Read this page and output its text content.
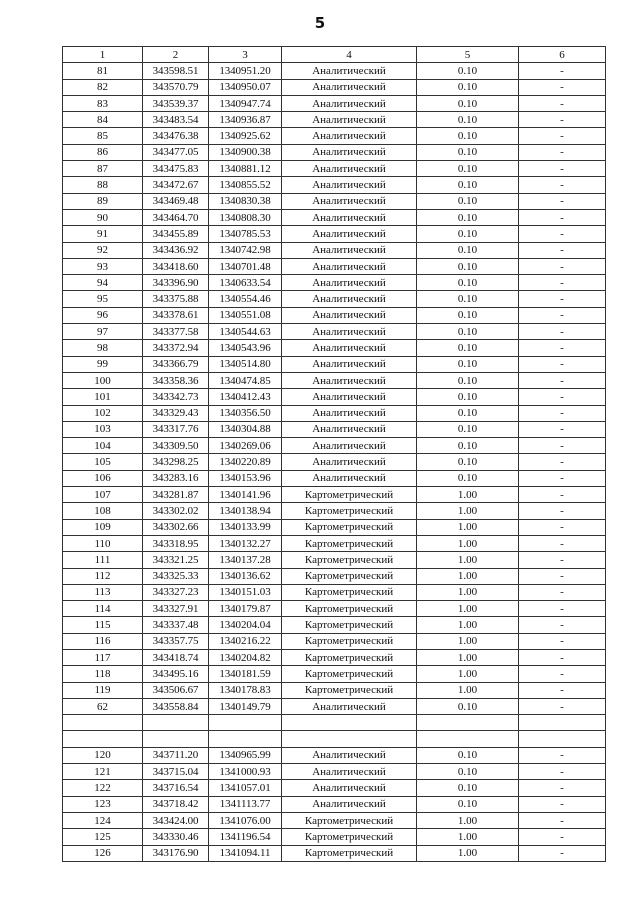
5
1	2	3	4	5	6
81	343598.51	1340951.20	Аналитический	0.10	-
82	343570.79	1340950.07	Аналитический	0.10	-
83	343539.37	1340947.74	Аналитический	0.10	-
84	343483.54	1340936.87	Аналитический	0.10	-
85	343476.38	1340925.62	Аналитический	0.10	-
86	343477.05	1340900.38	Аналитический	0.10	-
87	343475.83	1340881.12	Аналитический	0.10	-
88	343472.67	1340855.52	Аналитический	0.10	-
89	343469.48	1340830.38	Аналитический	0.10	-
90	343464.70	1340808.30	Аналитический	0.10	-
91	343455.89	1340785.53	Аналитический	0.10	-
92	343436.92	1340742.98	Аналитический	0.10	-
93	343418.60	1340701.48	Аналитический	0.10	-
94	343396.90	1340633.54	Аналитический	0.10	-
95	343375.88	1340554.46	Аналитический	0.10	-
96	343378.61	1340551.08	Аналитический	0.10	-
97	343377.58	1340544.63	Аналитический	0.10	-
98	343372.94	1340543.96	Аналитический	0.10	-
99	343366.79	1340514.80	Аналитический	0.10	-
100	343358.36	1340474.85	Аналитический	0.10	-
101	343342.73	1340412.43	Аналитический	0.10	-
102	343329.43	1340356.50	Аналитический	0.10	-
103	343317.76	1340304.88	Аналитический	0.10	-
104	343309.50	1340269.06	Аналитический	0.10	-
105	343298.25	1340220.89	Аналитический	0.10	-
106	343283.16	1340153.96	Аналитический	0.10	-
107	343281.87	1340141.96	Картометрический	1.00	-
108	343302.02	1340138.94	Картометрический	1.00	-
109	343302.66	1340133.99	Картометрический	1.00	-
110	343318.95	1340132.27	Картометрический	1.00	-
111	343321.25	1340137.28	Картометрический	1.00	-
112	343325.33	1340136.62	Картометрический	1.00	-
113	343327.23	1340151.03	Картометрический	1.00	-
114	343327.91	1340179.87	Картометрический	1.00	-
115	343337.48	1340204.04	Картометрический	1.00	-
116	343357.75	1340216.22	Картометрический	1.00	-
117	343418.74	1340204.82	Картометрический	1.00	-
118	343495.16	1340181.59	Картометрический	1.00	-
119	343506.67	1340178.83	Картометрический	1.00	-
62	343558.84	1340149.79	Аналитический	0.10	-

120	343711.20	1340965.99	Аналитический	0.10	-
121	343715.04	1341000.93	Аналитический	0.10	-
122	343716.54	1341057.01	Аналитический	0.10	-
123	343718.42	1341113.77	Аналитический	0.10	-
124	343424.00	1341076.00	Картометрический	1.00	-
125	343330.46	1341196.54	Картометрический	1.00	-
126	343176.90	1341094.11	Картометрический	1.00	-
